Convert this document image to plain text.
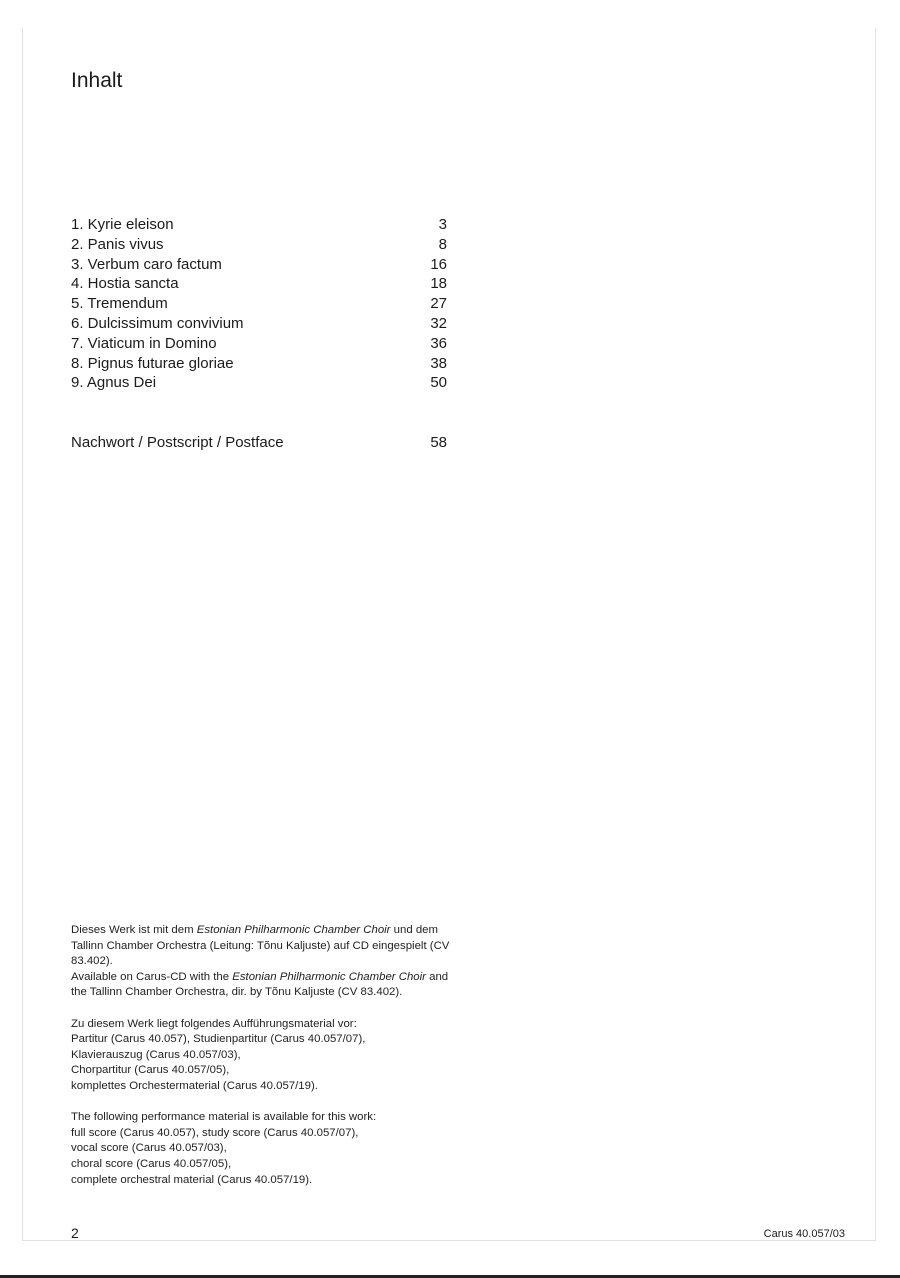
Inhalt
1. Kyrie eleison	3
2. Panis vivus	8
3. Verbum caro factum	16
4. Hostia sancta	18
5. Tremendum	27
6. Dulcissimum convivium	32
7. Viaticum in Domino	36
8. Pignus futurae gloriae	38
9. Agnus Dei	50
Nachwort / Postscript / Postface	58

Dieses Werk ist mit dem Estonian Philharmonic Chamber Choir und dem Tallinn Chamber Orchestra (Leitung: Tõnu Kaljuste) auf CD eingespielt (CV 83.402).

Available on Carus-CD with the Estonian Philharmonic Chamber Choir and the Tallinn Chamber Orchestra, dir. by Tõnu Kaljuste (CV 83.402).

Zu diesem Werk liegt folgendes Aufführungsmaterial vor:

Partitur (Carus 40.057), Studienpartitur (Carus 40.057/07),

Klavierauszug (Carus 40.057/03),

Chorpartitur (Carus 40.057/05),

komplettes Orchestermaterial (Carus 40.057/19).

The following performance material is available for this work:

full score (Carus 40.057), study score (Carus 40.057/07),

vocal score (Carus 40.057/03),

choral score (Carus 40.057/05),

complete orchestral material (Carus 40.057/19).

2	Carus 40.057/03
